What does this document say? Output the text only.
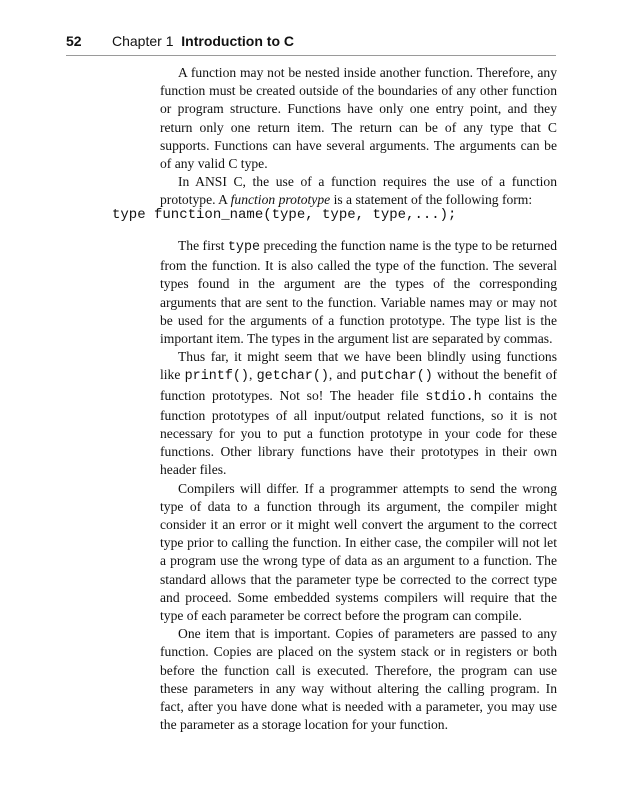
52 Chapter 1 Introduction to C

A function may not be nested inside another function. Therefore, any function must be created outside of the boundaries of any other function or program structure. Functions have only one entry point, and they return only one return item. The return can be of any type that C supports. Functions can have several arguments. The arguments can be of any valid C type.

In ANSI C, the use of a function requires the use of a function prototype. A function prototype is a statement of the following form:

type function_name(type, type, type,...);

The first type preceding the function name is the type to be returned from the function. It is also called the type of the function. The several types found in the argument are the types of the corresponding arguments that are sent to the function. Variable names may or may not be used for the arguments of a function prototype. The type list is the important item. The types in the argument list are separated by commas.

Thus far, it might seem that we have been blindly using functions like printf(), getchar(), and putchar() without the benefit of function prototypes. Not so! The header file stdio.h contains the function prototypes of all input/output related functions, so it is not necessary for you to put a function prototype in your code for these functions. Other library functions have their prototypes in their own header files.

Compilers will differ. If a programmer attempts to send the wrong type of data to a function through its argument, the compiler might consider it an error or it might well convert the argument to the correct type prior to calling the function. In either case, the compiler will not let a program use the wrong type of data as an argument to a function. The standard allows that the parameter type be corrected to the correct type and proceed. Some embedded systems compilers will require that the type of each parameter be correct before the program can compile.

One item that is important. Copies of parameters are passed to any function. Copies are placed on the system stack or in registers or both before the function call is executed. Therefore, the program can use these parameters in any way without altering the calling program. In fact, after you have done what is needed with a parameter, you may use the parameter as a storage location for your function.
